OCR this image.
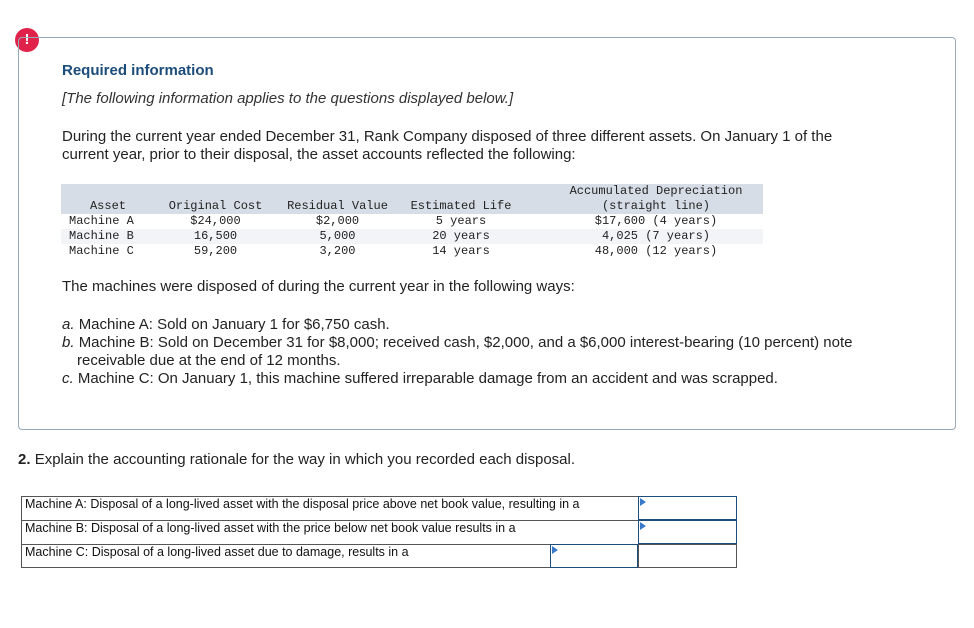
!
Required information
[The following information applies to the questions displayed below.]
During the current year ended December 31, Rank Company disposed of three different assets. On January 1 of the current year, prior to their disposal, the asset accounts reflected the following:
					Accumulated Depreciation
Asset	Original Cost	Residual Value	Estimated Life		(straight line)
Machine A	$24,000	$2,000	5 years		$17,600 (4 years)
Machine B	16,500	5,000	20 years		4,025 (7 years)
Machine C	59,200	3,200	14 years		48,000 (12 years)
The machines were disposed of during the current year in the following ways:
a. Machine A: Sold on January 1 for $6,750 cash.
b. Machine B: Sold on December 31 for $8,000; received cash, $2,000, and a $6,000 interest-bearing (10 percent) note receivable due at the end of 12 months.
c. Machine C: On January 1, this machine suffered irreparable damage from an accident and was scrapped.
2. Explain the accounting rationale for the way in which you recorded each disposal.
Machine A: Disposal of a long-lived asset with the disposal price above net book value, resulting in a
Machine B: Disposal of a long-lived asset with the price below net book value results in a
Machine C: Disposal of a long-lived asset due to damage, results in a
